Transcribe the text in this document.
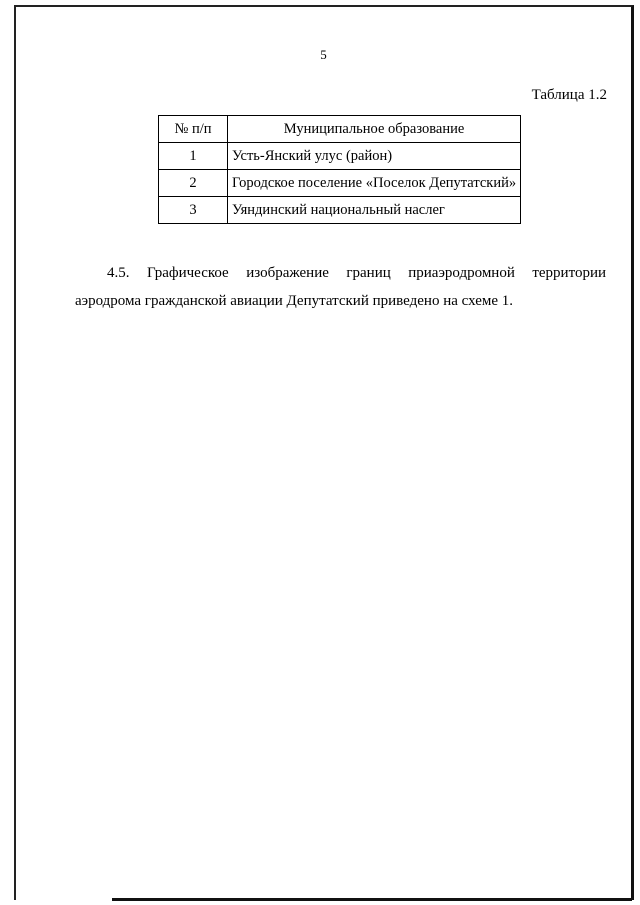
5
Таблица 1.2
№ п/п	Муниципальное образование
1	Усть-Янский улус (район)
2	Городское поселение «Поселок Депутатский»
3	Уяндинский национальный наслег

4.5. Графическое изображение границ приаэродромной территории аэродрома гражданской авиации Депутатский приведено на схеме 1.
